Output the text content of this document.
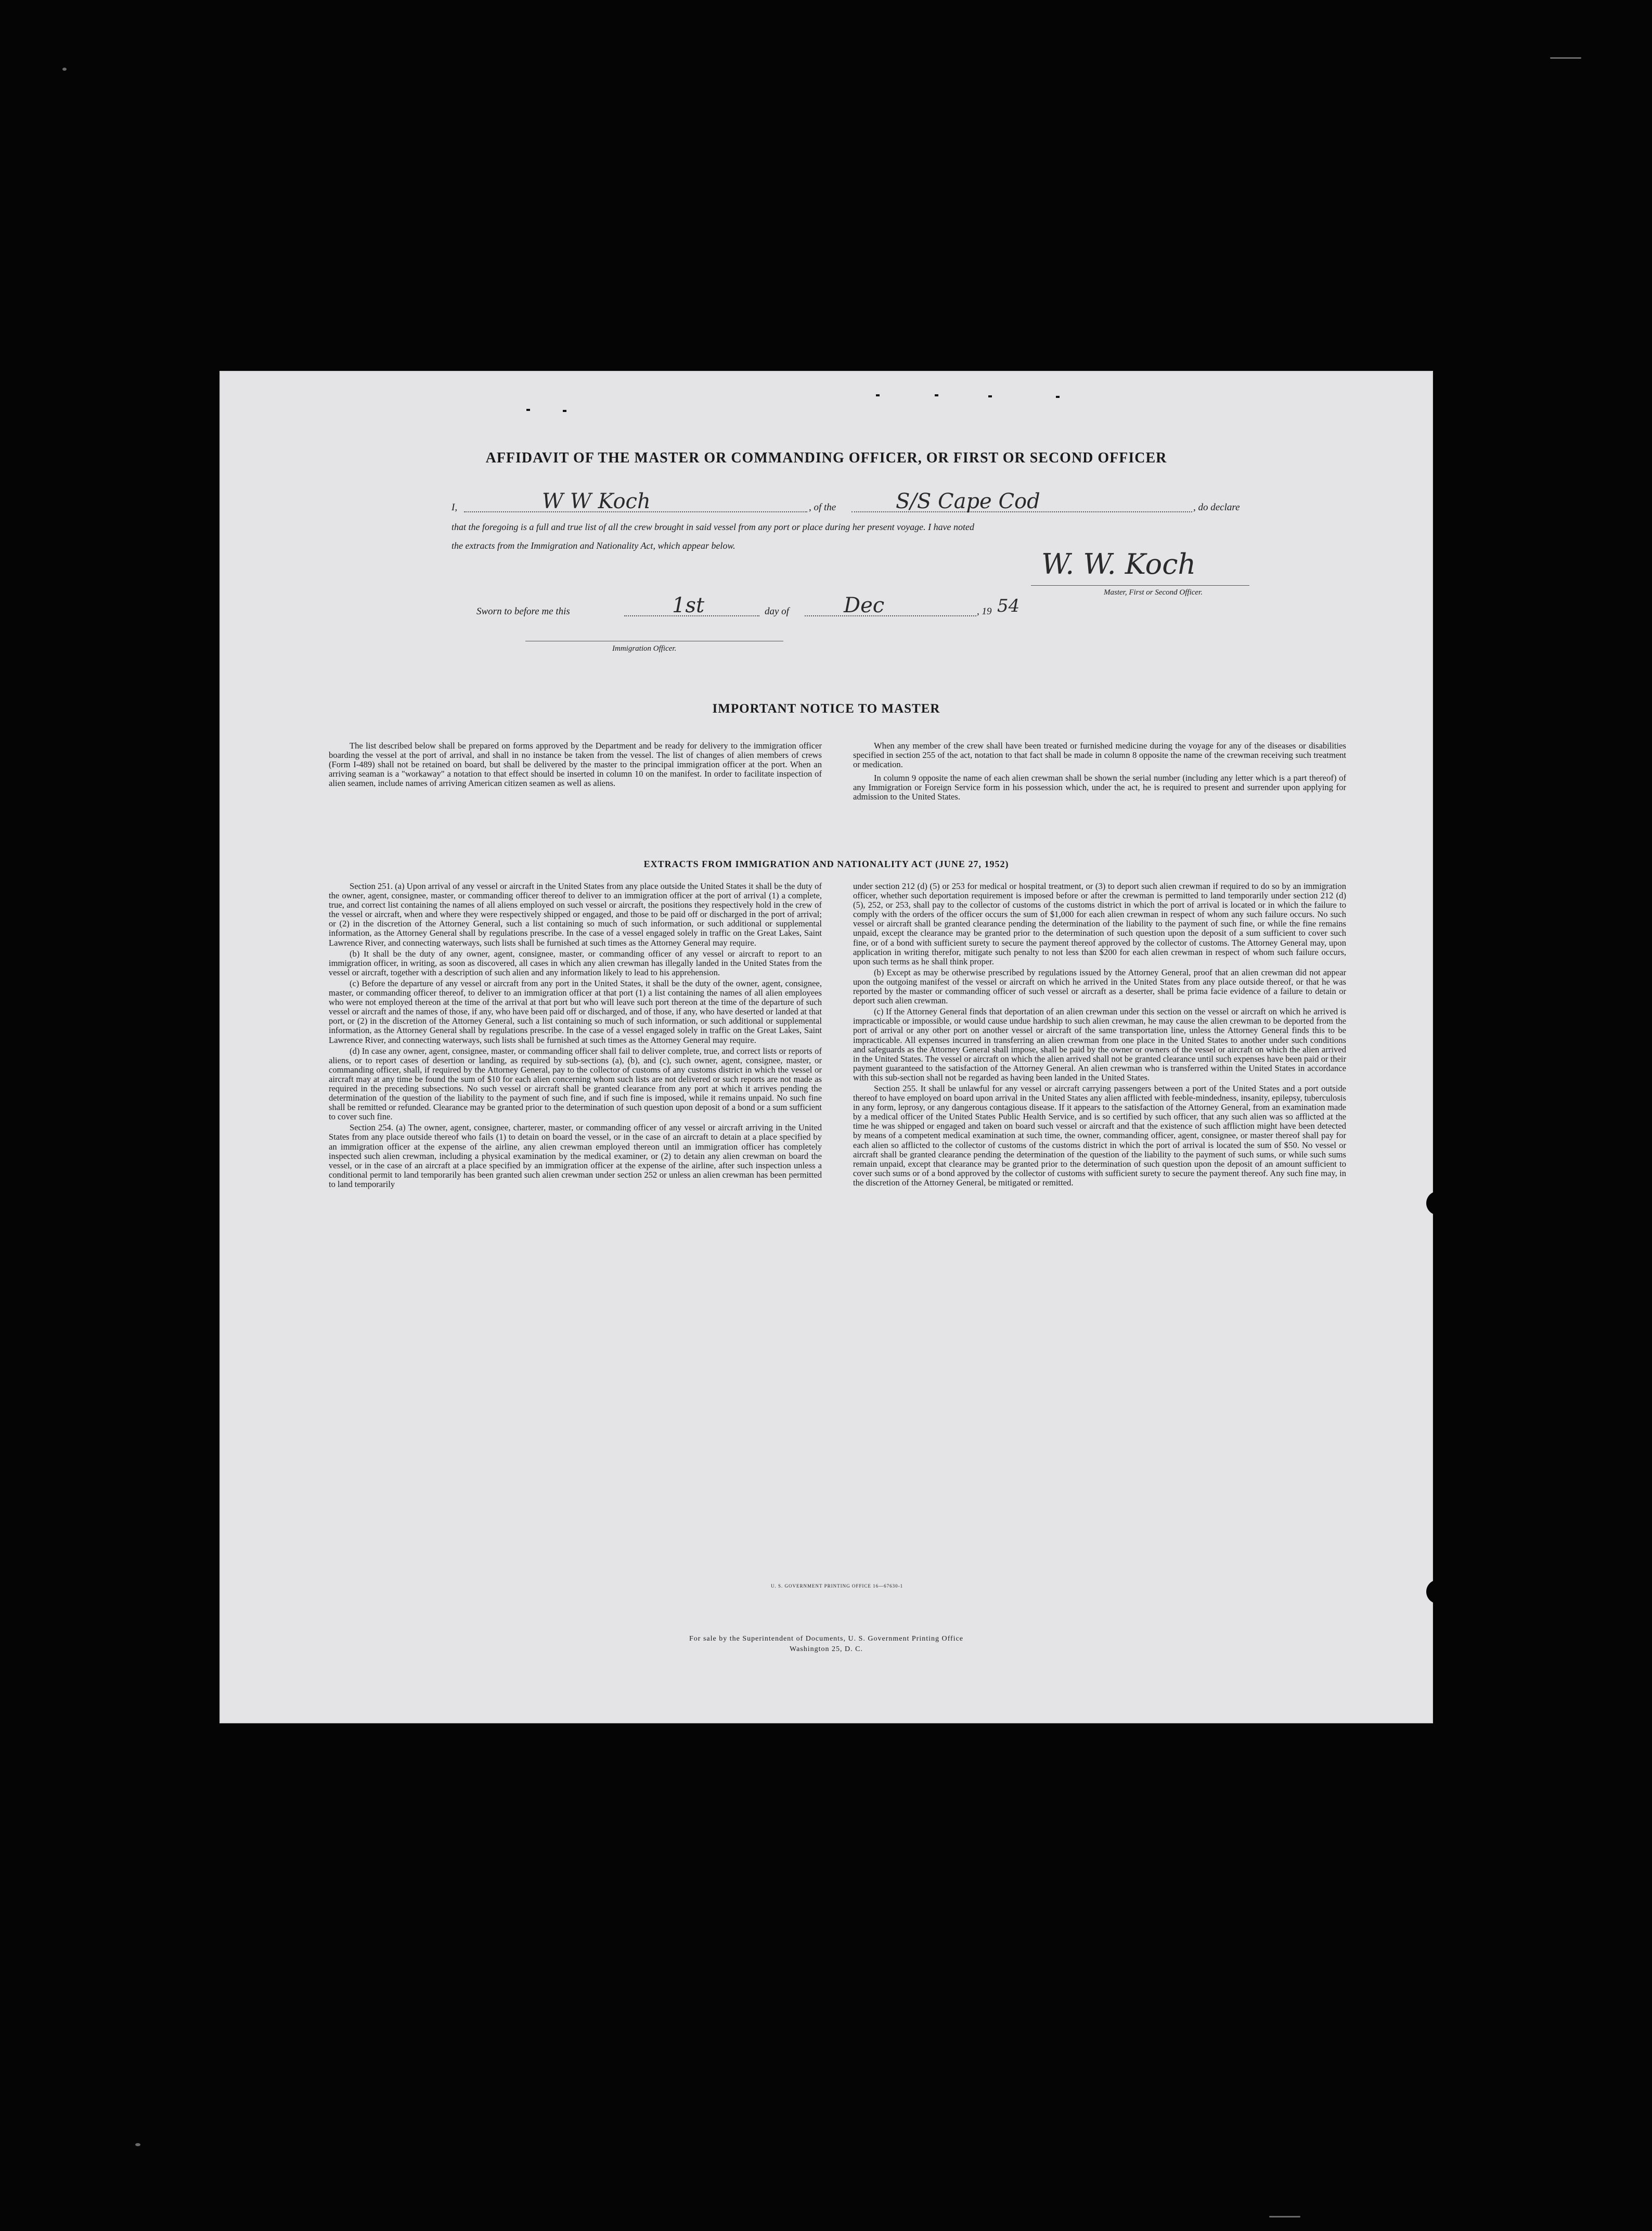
AFFIDAVIT OF THE MASTER OR COMMANDING OFFICER, OR FIRST OR SECOND OFFICER
I,	W W Koch	, of the	S/S Cape Cod	, do declare
that the foregoing is a full and true list of all the crew brought in said vessel from any port or place during her present voyage. I have noted
the extracts from the Immigration and Nationality Act, which appear below.
W. W. Koch
Master, First or Second Officer.
Sworn to before me this	1st	day of	Dec	, 19 54
Immigration Officer.
IMPORTANT NOTICE TO MASTER

The list described below shall be prepared on forms approved by the Department and be ready for delivery to the immigration officer boarding the vessel at the port of arrival, and shall in no instance be taken from the vessel. The list of changes of alien members of crews (Form I-489) shall not be retained on board, but shall be delivered by the master to the principal immigration officer at the port. When an arriving seaman is a "workaway" a notation to that effect should be inserted in column 10 on the manifest. In order to facilitate inspection of alien seamen, include names of arriving American citizen seamen as well as aliens.

When any member of the crew shall have been treated or furnished medicine during the voyage for any of the diseases or disabilities specified in section 255 of the act, notation to that fact shall be made in column 8 opposite the name of the crewman receiving such treatment or medication.

In column 9 opposite the name of each alien crewman shall be shown the serial number (including any letter which is a part thereof) of any Immigration or Foreign Service form in his possession which, under the act, he is required to present and surrender upon applying for admission to the United States.

EXTRACTS FROM IMMIGRATION AND NATIONALITY ACT (JUNE 27, 1952)

Section 251. (a) Upon arrival of any vessel or aircraft in the United States from any place outside the United States it shall be the duty of the owner, agent, consignee, master, or commanding officer thereof to deliver to an immigration officer at the port of arrival (1) a complete, true, and correct list containing the names of all aliens employed on such vessel or aircraft, the positions they respectively hold in the crew of the vessel or aircraft, when and where they were respectively shipped or engaged, and those to be paid off or discharged in the port of arrival; or (2) in the discretion of the Attorney General, such a list containing so much of such information, or such additional or supplemental information, as the Attorney General shall by regulations prescribe. In the case of a vessel engaged solely in traffic on the Great Lakes, Saint Lawrence River, and connecting waterways, such lists shall be furnished at such times as the Attorney General may require.

(b) It shall be the duty of any owner, agent, consignee, master, or commanding officer of any vessel or aircraft to report to an immigration officer, in writing, as soon as discovered, all cases in which any alien crewman has illegally landed in the United States from the vessel or aircraft, together with a description of such alien and any information likely to lead to his apprehension.

(c) Before the departure of any vessel or aircraft from any port in the United States, it shall be the duty of the owner, agent, consignee, master, or commanding officer thereof, to deliver to an immigration officer at that port (1) a list containing the names of all alien employees who were not employed thereon at the time of the arrival at that port but who will leave such port thereon at the time of the departure of such vessel or aircraft and the names of those, if any, who have been paid off or discharged, and of those, if any, who have deserted or landed at that port, or (2) in the discretion of the Attorney General, such a list containing so much of such information, or such additional or supplemental information, as the Attorney General shall by regulations prescribe. In the case of a vessel engaged solely in traffic on the Great Lakes, Saint Lawrence River, and connecting waterways, such lists shall be furnished at such times as the Attorney General may require.

(d) In case any owner, agent, consignee, master, or commanding officer shall fail to deliver complete, true, and correct lists or reports of aliens, or to report cases of desertion or landing, as required by sub-sections (a), (b), and (c), such owner, agent, consignee, master, or commanding officer, shall, if required by the Attorney General, pay to the collector of customs of any customs district in which the vessel or aircraft may at any time be found the sum of $10 for each alien concerning whom such lists are not delivered or such reports are not made as required in the preceding subsections. No such vessel or aircraft shall be granted clearance from any port at which it arrives pending the determination of the question of the liability to the payment of such fine, and if such fine is imposed, while it remains unpaid. No such fine shall be remitted or refunded. Clearance may be granted prior to the determination of such question upon deposit of a bond or a sum sufficient to cover such fine.

Section 254. (a) The owner, agent, consignee, charterer, master, or commanding officer of any vessel or aircraft arriving in the United States from any place outside thereof who fails (1) to detain on board the vessel, or in the case of an aircraft to detain at a place specified by an immigration officer at the expense of the airline, any alien crewman employed thereon until an immigration officer has completely inspected such alien crewman, including a physical examination by the medical examiner, or (2) to detain any alien crewman on board the vessel, or in the case of an aircraft at a place specified by an immigration officer at the expense of the airline, after such inspection unless a conditional permit to land temporarily has been granted such alien crewman under section 252 or unless an alien crewman has been permitted to land temporarily

under section 212 (d) (5) or 253 for medical or hospital treatment, or (3) to deport such alien crewman if required to do so by an immigration officer, whether such deportation requirement is imposed before or after the crewman is permitted to land temporarily under section 212 (d) (5), 252, or 253, shall pay to the collector of customs of the customs district in which the port of arrival is located or in which the failure to comply with the orders of the officer occurs the sum of $1,000 for each alien crewman in respect of whom any such failure occurs. No such vessel or aircraft shall be granted clearance pending the determination of the liability to the payment of such fine, or while the fine remains unpaid, except the clearance may be granted prior to the determination of such question upon the deposit of a sum sufficient to cover such fine, or of a bond with sufficient surety to secure the payment thereof approved by the collector of customs. The Attorney General may, upon application in writing therefor, mitigate such penalty to not less than $200 for each alien crewman in respect of whom such failure occurs, upon such terms as he shall think proper.

(b) Except as may be otherwise prescribed by regulations issued by the Attorney General, proof that an alien crewman did not appear upon the outgoing manifest of the vessel or aircraft on which he arrived in the United States from any place outside thereof, or that he was reported by the master or commanding officer of such vessel or aircraft as a deserter, shall be prima facie evidence of a failure to detain or deport such alien crewman.

(c) If the Attorney General finds that deportation of an alien crewman under this section on the vessel or aircraft on which he arrived is impracticable or impossible, or would cause undue hardship to such alien crewman, he may cause the alien crewman to be deported from the port of arrival or any other port on another vessel or aircraft of the same transportation line, unless the Attorney General finds this to be impracticable. All expenses incurred in transferring an alien crewman from one place in the United States to another under such conditions and safeguards as the Attorney General shall impose, shall be paid by the owner or owners of the vessel or aircraft on which the alien arrived in the United States. The vessel or aircraft on which the alien arrived shall not be granted clearance until such expenses have been paid or their payment guaranteed to the satisfaction of the Attorney General. An alien crewman who is transferred within the United States in accordance with this sub-section shall not be regarded as having been landed in the United States.

Section 255. It shall be unlawful for any vessel or aircraft carrying passengers between a port of the United States and a port outside thereof to have employed on board upon arrival in the United States any alien afflicted with feeble-mindedness, insanity, epilepsy, tuberculosis in any form, leprosy, or any dangerous contagious disease. If it appears to the satisfaction of the Attorney General, from an examination made by a medical officer of the United States Public Health Service, and is so certified by such officer, that any such alien was so afflicted at the time he was shipped or engaged and taken on board such vessel or aircraft and that the existence of such affliction might have been detected by means of a competent medical examination at such time, the owner, commanding officer, agent, consignee, or master thereof shall pay for each alien so afflicted to the collector of customs of the customs district in which the port of arrival is located the sum of $50. No vessel or aircraft shall be granted clearance pending the determination of the question of the liability to the payment of such sums, or while such sums remain unpaid, except that clearance may be granted prior to the determination of such question upon the deposit of an amount sufficient to cover such sums or of a bond approved by the collector of customs with sufficient surety to secure the payment thereof. Any such fine may, in the discretion of the Attorney General, be mitigated or remitted.

U. S. GOVERNMENT PRINTING OFFICE 16—67630-1
For sale by the Superintendent of Documents, U. S. Government Printing Office
Washington 25, D. C.
